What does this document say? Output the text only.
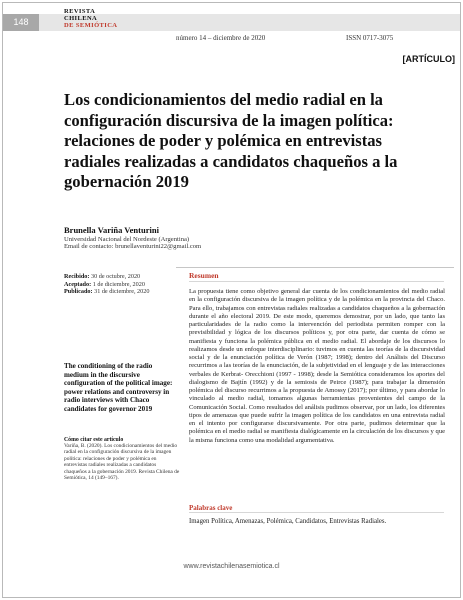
148
REVISTA
CHILENA
DE SEMIÓTICA
número 14 – diciembre de 2020	ISSN 0717-3075
[ARTÍCULO]
Los condicionamientos del medio radial en la configuración discursiva de la imagen política: relaciones de poder y polémica en entrevistas radiales realizadas a candidatos chaqueños a la gobernación 2019
Brunella Variña Venturini
Universidad Nacional del Nordeste (Argentina)
Email de contacto: brunellaventurini22@gmail.com
Recibido: 30 de octubre, 2020
Aceptado: 1 de diciembre, 2020
Publicado: 31 de diciembre, 2020
Resumen

La propuesta tiene como objetivo general dar cuenta de los condicionamientos del medio radial en la configuración discursiva de la imagen política y de la polémica en la provincia del Chaco. Para ello, trabajamos con entrevistas radiales realizadas a candidatos chaqueños a la gobernación durante el año electoral 2019. De este modo, queremos demostrar, por un lado, que tanto las particularidades de la radio como la intervención del periodista permiten romper con la previsibilidad y lógica de los discursos políticos y, por otra parte, dar cuenta de cómo se manifiesta y funciona la polémica pública en el medio radial. El abordaje de los discursos lo realizamos desde un enfoque interdisciplinario: tuvimos en cuenta las teorías de la discursividad social y de la enunciación política de Verón (1987; 1998); dentro del Análisis del Discurso recurrimos a las teorías de la enunciación, de la subjetividad en el lenguaje y de las interacciones verbales de Kerbrat- Orecchioni (1997 - 1998); desde la Semiótica consideramos los aportes del dialogismo de Bajtín (1992) y de la semiosis de Peirce (1987); para trabajar la dimensión polémica del discurso recurrimos a la propuesta de Amossy (2017); por último, y para abordar lo vinculado al medio radial, tomamos algunas herramientas provenientes del campo de la Comunicación Social. Como resultados del análisis pudimos observar, por un lado, los diferentes tipos de amenazas que puede sufrir la imagen política de los candidatos en una entrevista radial en el intento por configurarse discursivamente. Por otra parte, pudimos determinar que la polémica en el medio radial se manifiesta dialógicamente en la circulación de los discursos y que la misma funciona como una modalidad argumentativa.

Palabras clave
Imagen Política, Amenazas, Polémica, Candidatos, Entrevistas Radiales.
The conditioning of the radio medium in the discursive configuration of the political image: power relations and controversy in radio interviews with Chaco candidates for governor 2019
Cómo citar este artículo
Variña, B. (2020). Los condicionamientos del medio radial en la configuración discursiva de la imagen política: relaciones de poder y polémica en entrevistas radiales realizadas a candidatos chaqueños a la gobernación 2019. Revista Chilena de Semiótica, 14 (149–167).
www.revistachilenasemiotica.cl
